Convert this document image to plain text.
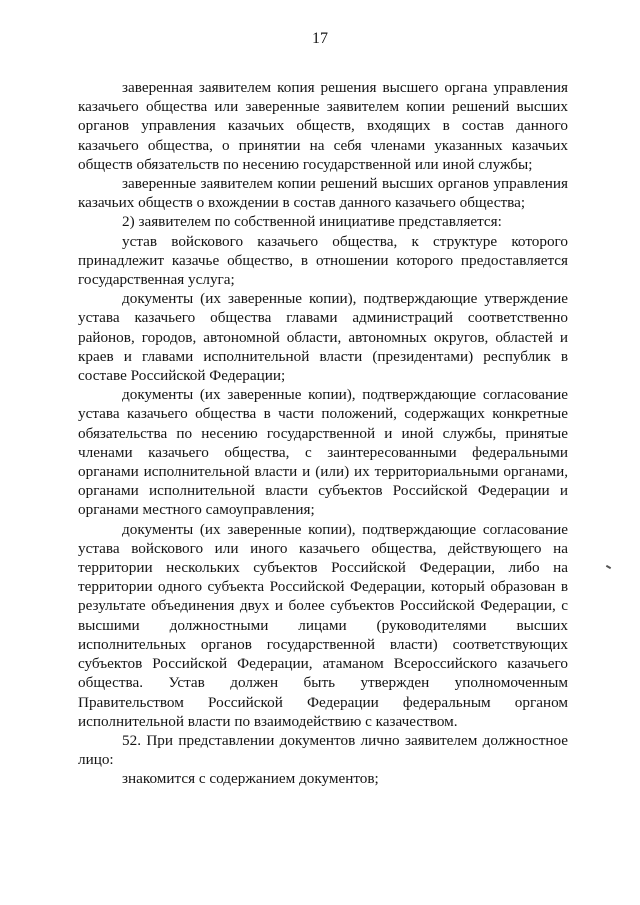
17

заверенная заявителем копия решения высшего органа управления казачьего общества или заверенные заявителем копии решений высших органов управления казачьих обществ, входящих в состав данного казачьего общества, о принятии на себя членами указанных казачьих обществ обязательств по несению государственной или иной службы;

заверенные заявителем копии решений высших органов управления казачьих обществ о вхождении в состав данного казачьего общества;

2) заявителем по собственной инициативе представляется:

устав войскового казачьего общества, к структуре которого принадлежит казачье общество, в отношении которого предоставляется государственная услуга;

документы (их заверенные копии), подтверждающие утверждение устава казачьего общества главами администраций соответственно районов, городов, автономной области, автономных округов, областей и краев и главами исполнительной власти (президентами) республик в составе Российской Федерации;

документы (их заверенные копии), подтверждающие согласование устава казачьего общества в части положений, содержащих конкретные обязательства по несению государственной и иной службы, принятые членами казачьего общества, с заинтересованными федеральными органами исполнительной власти и (или) их территориальными органами, органами исполнительной власти субъектов Российской Федерации и органами местного самоуправления;

документы (их заверенные копии), подтверждающие согласование устава войскового или иного казачьего общества, действующего на территории нескольких субъектов Российской Федерации, либо на территории одного субъекта Российской Федерации, который образован в результате объединения двух и более субъектов Российской Федерации, с высшими должностными лицами (руководителями высших исполнительных органов государственной власти) соответствующих субъектов Российской Федерации, атаманом Всероссийского казачьего общества. Устав должен быть утвержден уполномоченным Правительством Российской Федерации федеральным органом исполнительной власти по взаимодействию с казачеством.

52. При представлении документов лично заявителем должностное лицо:

знакомится с содержанием документов;
